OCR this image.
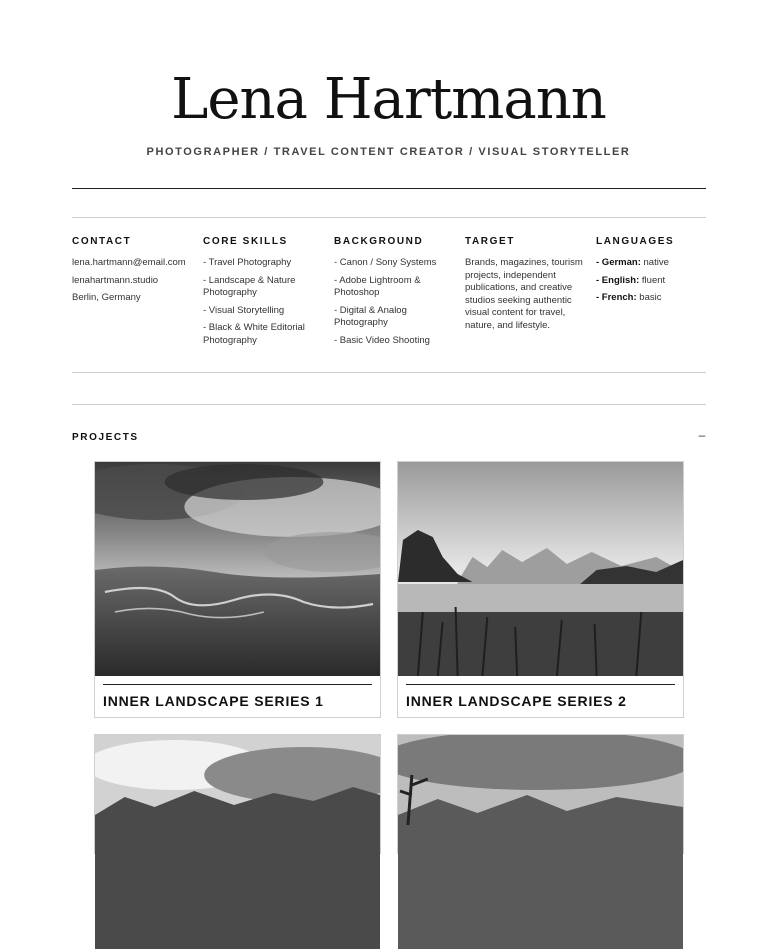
Lena Hartmann
PHOTOGRAPHER / TRAVEL CONTENT CREATOR / VISUAL STORYTELLER
CONTACT
lena.hartmann@email.com
lenahartmann.studio
Berlin, Germany
CORE SKILLS
- Travel Photography
- Landscape & Nature Photography
- Visual Storytelling
- Black & White Editorial Photography
BACKGROUND
- Canon / Sony Systems
- Adobe Lightroom & Photoshop
- Digital & Analog Photography
- Basic Video Shooting
TARGET
Brands, magazines, tourism projects, independent publications, and creative studios seeking authentic visual content for travel, nature, and lifestyle.
LANGUAGES
- German: native
- English: fluent
- French: basic
PROJECTS	–
INNER LANDSCAPE SERIES 1	INNER LANDSCAPE SERIES 2
